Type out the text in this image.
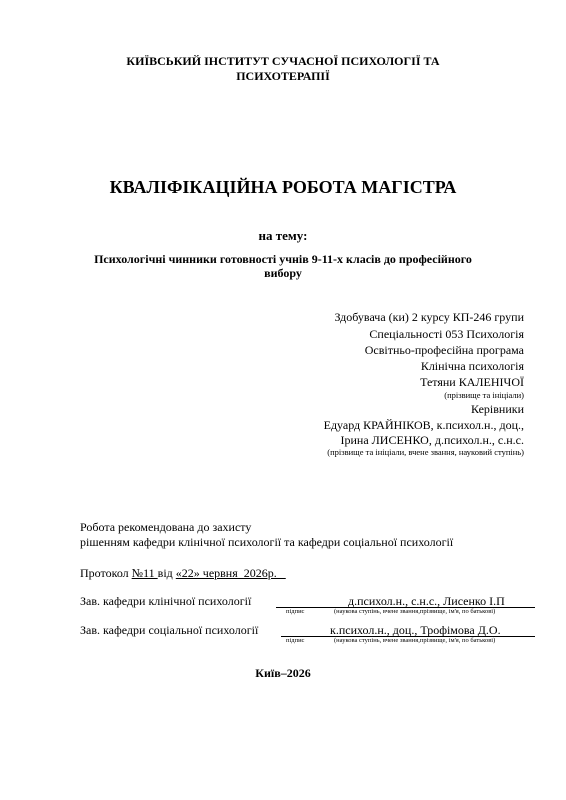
КИЇВСЬКИЙ ІНСТИТУТ СУЧАСНОЇ ПСИХОЛОГІЇ ТА
ПСИХОТЕРАПІЇ
КВАЛІФІКАЦІЙНА РОБОТА МАГІСТРА
на тему:
Психологічні чинники готовності учнів 9-11-х класів до професійного
вибору
Здобувача (ки) 2 курсу КП-246 групи
Спеціальності 053 Психологія
Освітньо-професійна програма
Клінічна психологія
Тетяни КАЛЕНІЧОЇ
(прізвище та ініціали)
Керівники
Едуард КРАЙНІКОВ, к.психол.н., доц.,
Ірина ЛИСЕНКО, д.психол.н., с.н.с.
(прізвище та ініціали, вчене звання, науковий ступінь)
Робота рекомендована до захисту
рішенням кафедри клінічної психології та кафедри соціальної психології
Протокол №11 від «22» червня  2026р.
Зав. кафедри клінічної психології	д.психол.н., с.н.с., Лисенко І.П
підпис	(наукова ступінь, вчене звання,прізвище, ім'я, по батькові)
Зав. кафедри соціальної психології	к.психол.н., доц., Трофімова Д.О.
підпис	(наукова ступінь, вчене звання,прізвище, ім'я, по батькові)
Київ–2026
